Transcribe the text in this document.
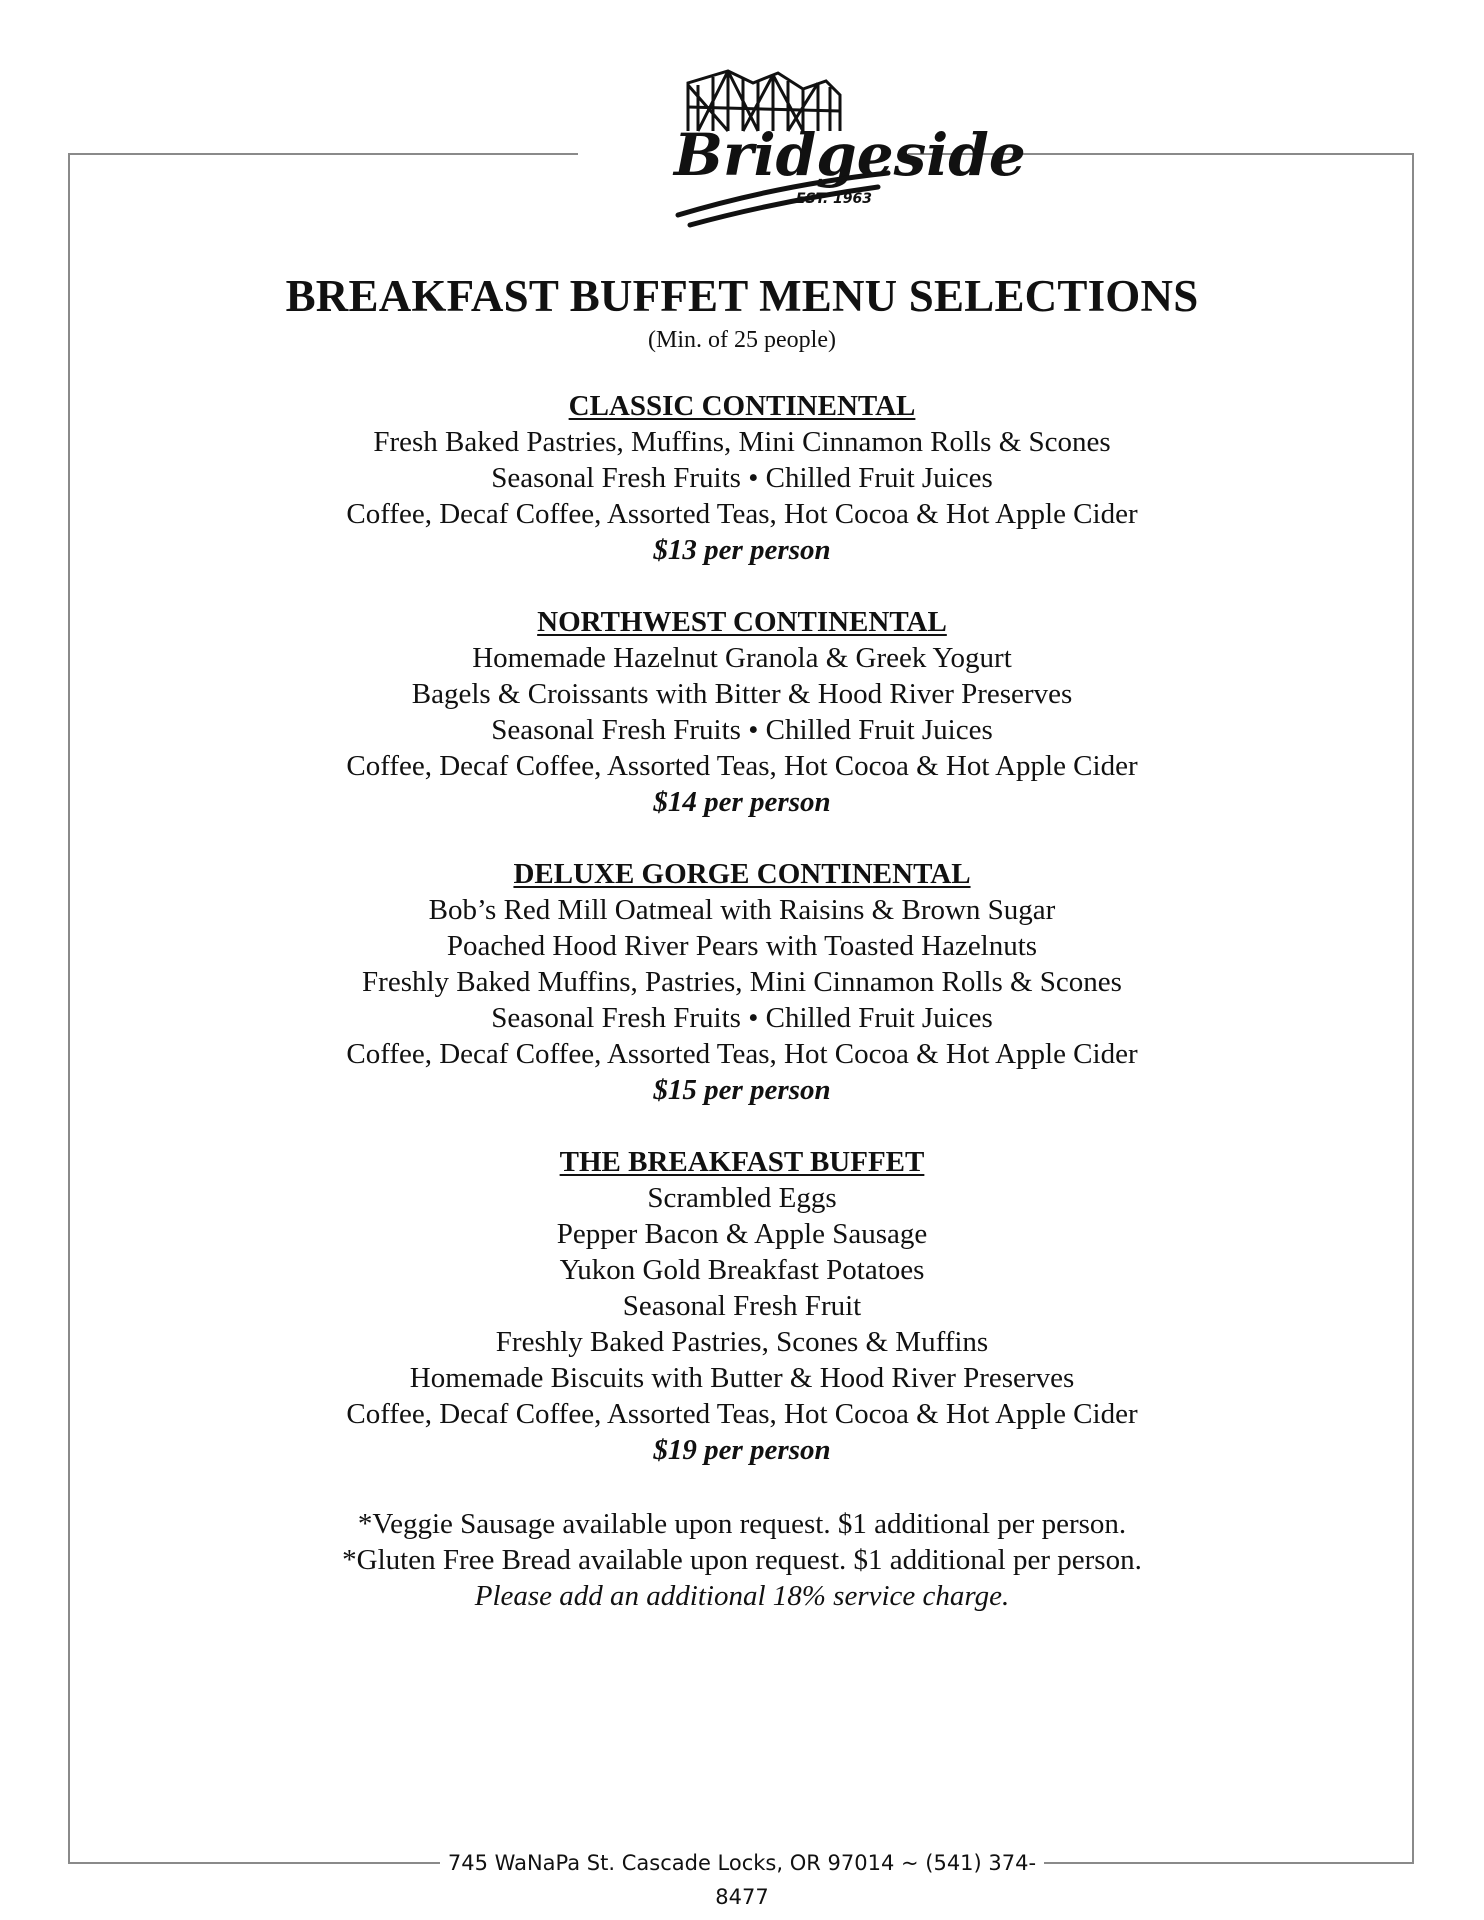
Bridgeside
EST. 1963
BREAKFAST BUFFET MENU SELECTIONS
(Min. of 25 people)
CLASSIC CONTINENTAL
Fresh Baked Pastries, Muffins, Mini Cinnamon Rolls & Scones
Seasonal Fresh Fruits • Chilled Fruit Juices
Coffee, Decaf Coffee, Assorted Teas, Hot Cocoa & Hot Apple Cider
$13 per person
NORTHWEST CONTINENTAL
Homemade Hazelnut Granola & Greek Yogurt
Bagels & Croissants with Bitter & Hood River Preserves
Seasonal Fresh Fruits • Chilled Fruit Juices
Coffee, Decaf Coffee, Assorted Teas, Hot Cocoa & Hot Apple Cider
$14 per person
DELUXE GORGE CONTINENTAL
Bob’s Red Mill Oatmeal with Raisins & Brown Sugar
Poached Hood River Pears with Toasted Hazelnuts
Freshly Baked Muffins, Pastries, Mini Cinnamon Rolls & Scones
Seasonal Fresh Fruits • Chilled Fruit Juices
Coffee, Decaf Coffee, Assorted Teas, Hot Cocoa & Hot Apple Cider
$15 per person
THE BREAKFAST BUFFET
Scrambled Eggs
Pepper Bacon & Apple Sausage
Yukon Gold Breakfast Potatoes
Seasonal Fresh Fruit
Freshly Baked Pastries, Scones & Muffins
Homemade Biscuits with Butter & Hood River Preserves
Coffee, Decaf Coffee, Assorted Teas, Hot Cocoa & Hot Apple Cider
$19 per person
*Veggie Sausage available upon request. $1 additional per person.
*Gluten Free Bread available upon request. $1 additional per person.
Please add an additional 18% service charge.
745 WaNaPa St. Cascade Locks, OR 97014 ~ (541) 374-8477
